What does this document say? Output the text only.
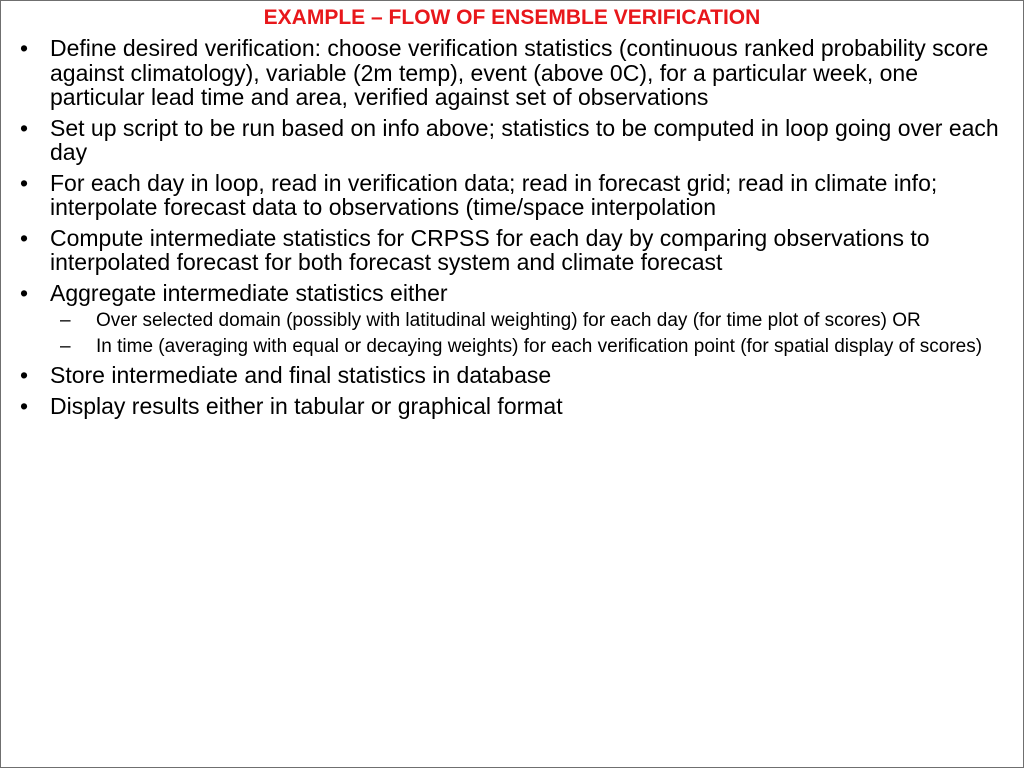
EXAMPLE – FLOW OF ENSEMBLE VERIFICATION
• Define desired verification: choose verification statistics (continuous ranked probability score against climatology), variable (2m temp), event (above 0C), for a particular week, one particular lead time and area, verified against set of observations
• Set up script to be run based on info above; statistics to be computed in loop going over each day
• For each day in loop, read in verification data; read in forecast grid; read in climate info; interpolate forecast data to observations (time/space interpolation
• Compute intermediate statistics for CRPSS for each day by comparing observations to interpolated forecast for both forecast system and climate forecast
• Aggregate intermediate statistics either
– Over selected domain (possibly with latitudinal weighting) for each day (for time plot of scores) OR
– In time (averaging with equal or decaying weights) for each verification point (for spatial display of scores)
• Store intermediate and final statistics in database
• Display results either in tabular or graphical format
